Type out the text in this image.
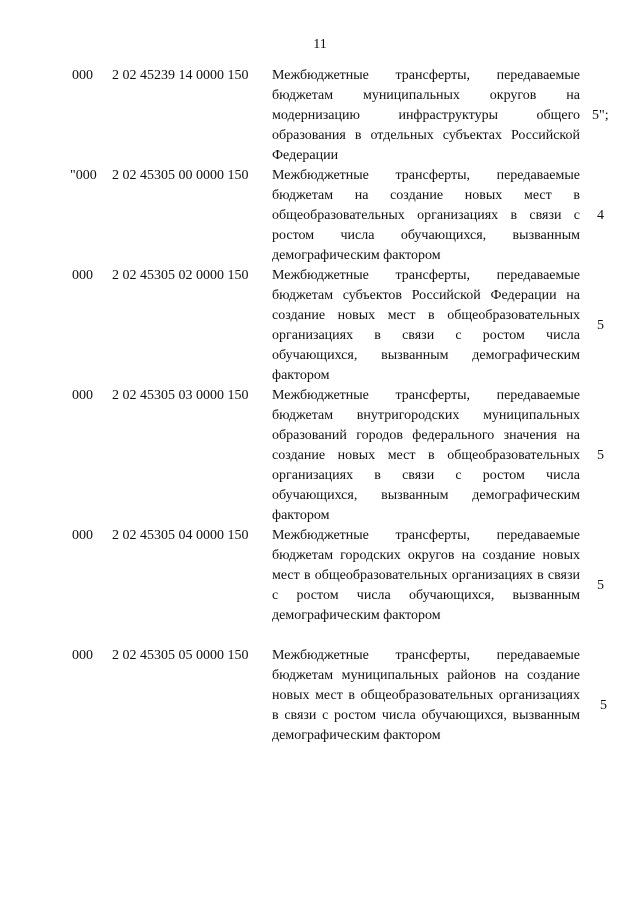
11
000 2 02 45239 14 0000 150 Межбюджетные трансферты, передаваемые бюджетам муниципальных округов на модернизацию инфраструктуры общего образования в отдельных субъектах Российской Федерации
5";
"000 2 02 45305 00 0000 150 Межбюджетные трансферты, передаваемые бюджетам на создание новых мест в общеобразовательных организациях в связи с ростом числа обучающихся, вызванным демографическим фактором
4
000 2 02 45305 02 0000 150 Межбюджетные трансферты, передаваемые бюджетам субъектов Российской Федерации на создание новых мест в общеобразовательных организациях в связи с ростом числа обучающихся, вызванным демографическим фактором
5
000 2 02 45305 03 0000 150 Межбюджетные трансферты, передаваемые бюджетам внутригородских муниципальных образований городов федерального значения на создание новых мест в общеобразовательных организациях в связи с ростом числа обучающихся, вызванным демографическим фактором
5
000 2 02 45305 04 0000 150 Межбюджетные трансферты, передаваемые бюджетам городских округов на создание новых мест в общеобразовательных организациях в связи с ростом числа обучающихся, вызванным демографическим фактором
5
000 2 02 45305 05 0000 150 Межбюджетные трансферты, передаваемые бюджетам муниципальных районов на создание новых мест в общеобразовательных организациях в связи с ростом числа обучающихся, вызванным демографическим фактором
5
